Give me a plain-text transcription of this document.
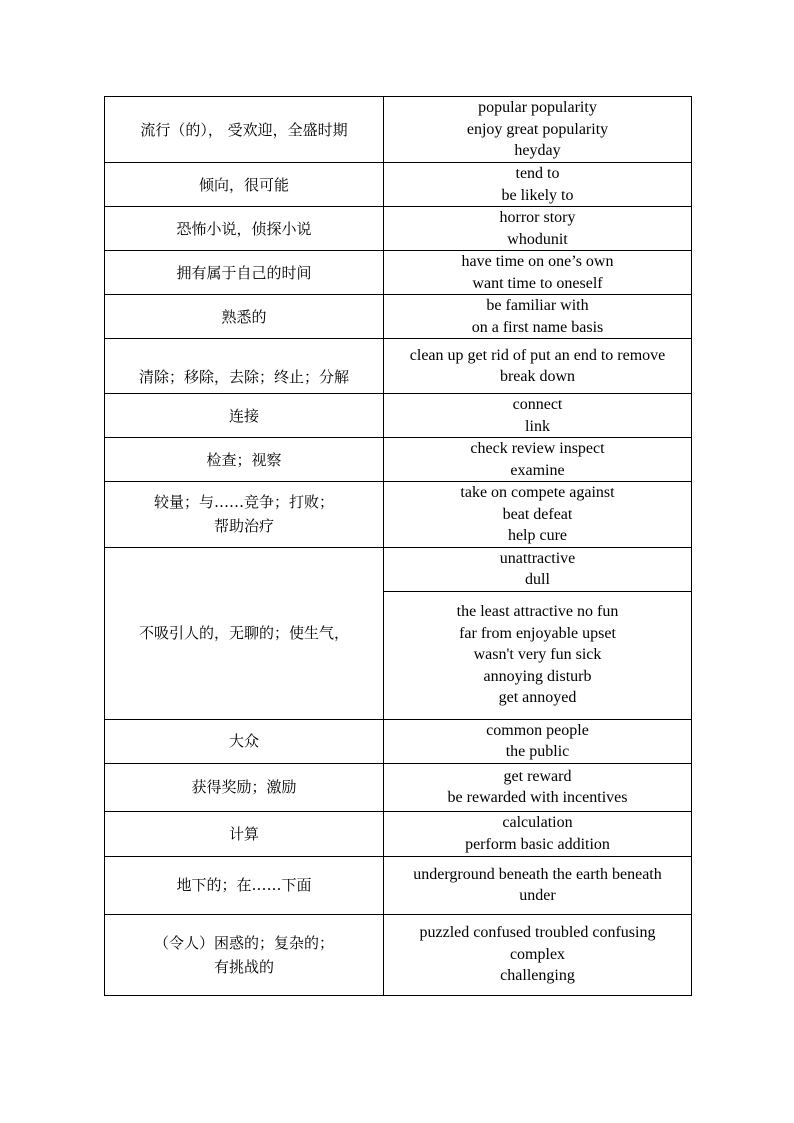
流行（的）， 受欢迎，全盛时期	popular popularity
enjoy great popularity
heyday

倾向，很可能	tend to
be likely to

恐怖小说，侦探小说	horror story
whodunit

拥有属于自己的时间	have time on one’s own
want time to oneself

熟悉的	be familiar with
on a first name basis

清除；移除，去除；终止；分解	clean up get rid of put an end to remove
break down

连接	connect
link

检查；视察	check review inspect
examine

较量；与……竞争；打败；
帮助治疗	take on compete against
beat defeat
help cure

不吸引人的，无聊的；使生气，	unattractive
dull

	the least attractive no fun
far from enjoyable upset
wasn't very fun sick
annoying disturb
get annoyed

大众	common people
the public

获得奖励；激励	get reward
be rewarded with incentives

计算	calculation
perform basic addition

地下的；在……下面	underground beneath the earth beneath
under

（令人）困惑的；复杂的；
有挑战的	puzzled confused troubled confusing
complex
challenging
